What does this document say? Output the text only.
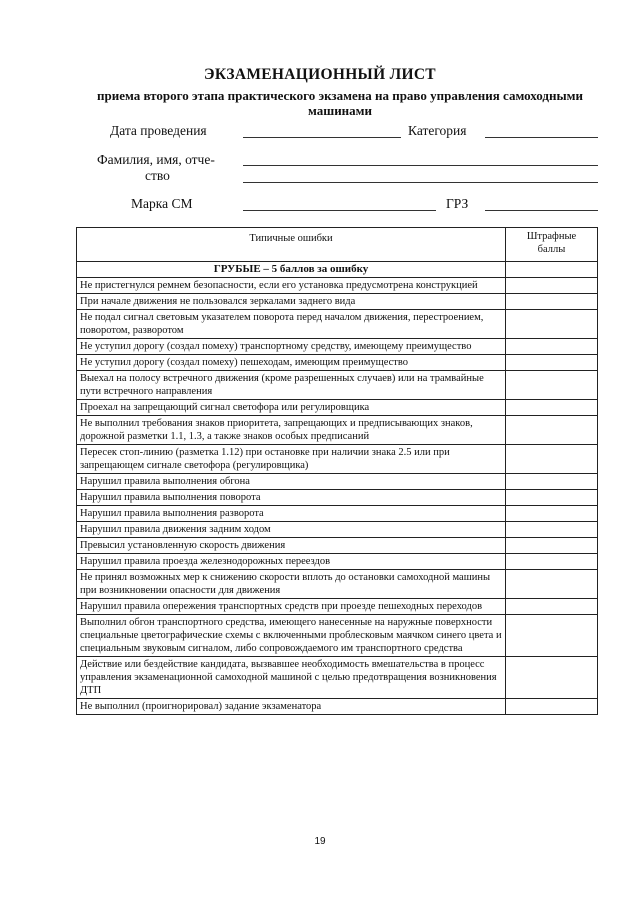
ЭКЗАМЕНАЦИОННЫЙ ЛИСТ
приема второго этапа практического экзамена на право управления самоходными машинами
Дата проведения	Категория
Фамилия, имя, отче-
ство
Марка СМ	ГРЗ
Типичные ошибки	Штрафные
баллы
ГРУБЫЕ – 5 баллов за ошибку	
Не пристегнулся ремнем безопасности, если его установка предусмотрена конструкцией	
При начале движения не пользовался зеркалами заднего вида	
Не подал сигнал световым указателем поворота перед началом движения, перестроением, поворотом, разворотом	
Не уступил дорогу (создал помеху) транспортному средству, имеющему преимущество	
Не уступил дорогу (создал помеху) пешеходам, имеющим преимущество	
Выехал на полосу встречного движения (кроме разрешенных случаев) или на трамвайные пути встречного направления	
Проехал на запрещающий сигнал светофора или регулировщика	
Не выполнил требования знаков приоритета, запрещающих и предписывающих знаков, дорожной разметки 1.1, 1.3, а также знаков особых предписаний	
Пересек стоп-линию (разметка 1.12) при остановке при наличии знака 2.5 или при запрещающем сигнале светофора (регулировщика)	
Нарушил правила выполнения обгона	
Нарушил правила выполнения поворота	
Нарушил правила выполнения разворота	
Нарушил правила движения задним ходом	
Превысил установленную скорость движения	
Нарушил правила проезда железнодорожных переездов	
Не принял возможных мер к снижению скорости вплоть до остановки самоходной машины при возникновении опасности для движения	
Нарушил правила опережения транспортных средств при проезде пешеходных переходов	
Выполнил обгон транспортного средства, имеющего нанесенные на наружные поверхности специальные цветографические схемы с включенными проблесковым маячком синего цвета и специальным звуковым сигналом, либо сопровождаемого им транспортного средства	
Действие или бездействие кандидата, вызвавшее необходимость вмешательства в процесс управления экзаменационной самоходной машиной с целью предотвращения возникновения ДТП	
Не выполнил (проигнорировал) задание экзаменатора	
19
